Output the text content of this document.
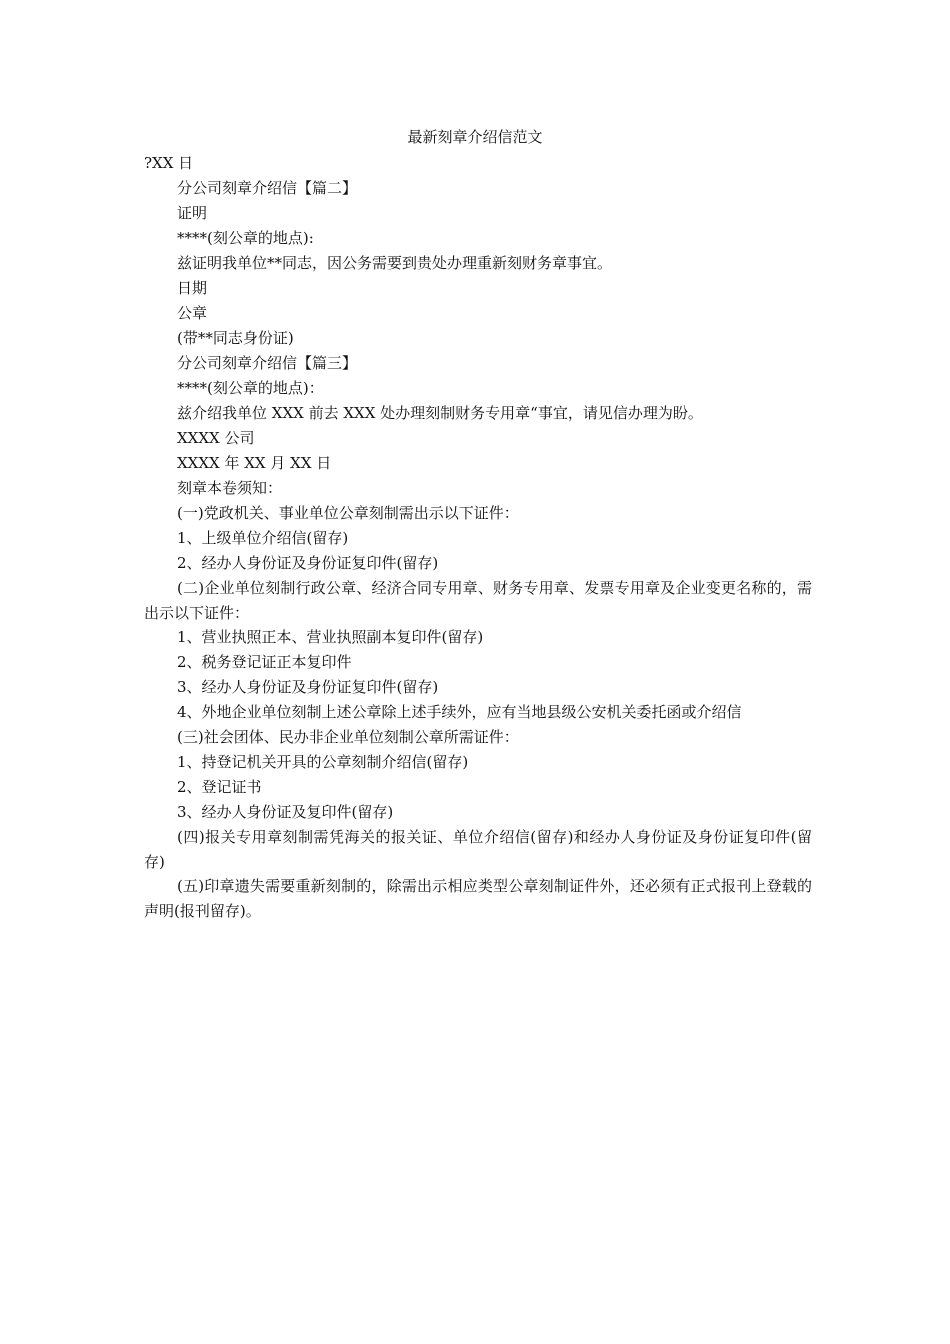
最新刻章介绍信范文

?XX 日

分公司刻章介绍信【篇二】

证明

****(刻公章的地点):

兹证明我单位**同志，因公务需要到贵处办理重新刻财务章事宜。

日期

公章

(带**同志身份证)

分公司刻章介绍信【篇三】

****(刻公章的地点)：

兹介绍我单位 XXX 前去 XXX 处办理刻制财务专用章“事宜，请见信办理为盼。

XXXX 公司

XXXX 年 XX 月 XX 日

刻章本卷须知：

(一)党政机关、事业单位公章刻制需出示以下证件：

1、上级单位介绍信(留存)

2、经办人身份证及身份证复印件(留存)

(二)企业单位刻制行政公章、经济合同专用章、财务专用章、发票专用章及企业变更名称的，需出示以下证件：

1、营业执照正本、营业执照副本复印件(留存)

2、税务登记证正本复印件

3、经办人身份证及身份证复印件(留存)

4、外地企业单位刻制上述公章除上述手续外，应有当地县级公安机关委托函或介绍信

(三)社会团体、民办非企业单位刻制公章所需证件：

1、持登记机关开具的公章刻制介绍信(留存)

2、登记证书

3、经办人身份证及复印件(留存)

(四)报关专用章刻制需凭海关的报关证、单位介绍信(留存)和经办人身份证及身份证复印件(留存)

(五)印章遗失需要重新刻制的，除需出示相应类型公章刻制证件外，还必须有正式报刊上登载的声明(报刊留存)。
